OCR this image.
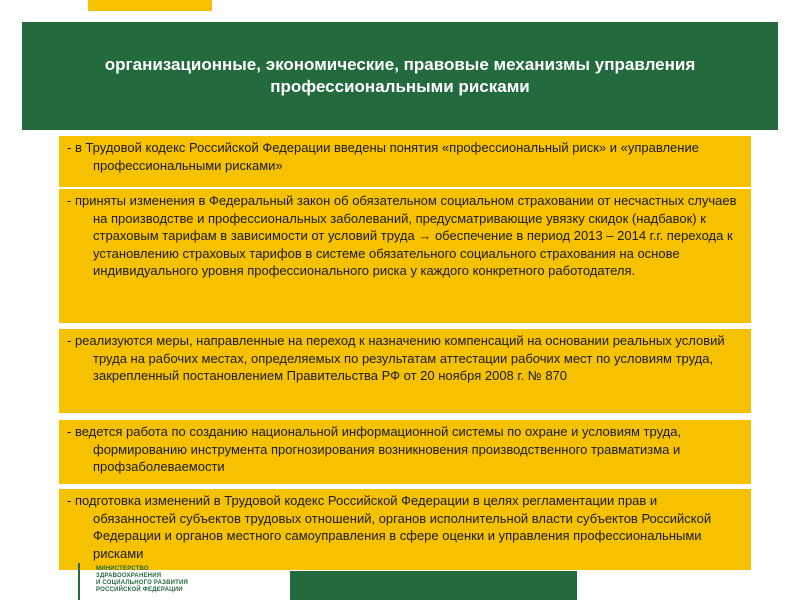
организационные, экономические, правовые механизмы управления профессиональными рисками

- в Трудовой кодекс Российской Федерации введены понятия «профессиональный риск» и «управление профессиональными рисками»

- приняты изменения в Федеральный закон об обязательном социальном страховании от несчастных случаев на производстве и профессиональных заболеваний, предусматривающие увязку скидок (надбавок) к страховым тарифам в зависимости от условий труда → обеспечение в период 2013 – 2014 г.г. перехода к установлению страховых тарифов в системе обязательного социального страхования на основе индивидуального уровня профессионального риска у каждого конкретного работодателя.

- реализуются меры, направленные на переход к назначению компенсаций на основании реальных условий труда на рабочих местах, определяемых по результатам аттестации рабочих мест по условиям труда, закрепленный постановлением Правительства РФ от 20 ноября 2008 г. № 870

- ведется работа по созданию национальной информационной системы по охране и условиям труда, формированию инструмента прогнозирования возникновения производственного травматизма и профзаболеваемости

- подготовка изменений в Трудовой кодекс Российской Федерации в целях регламентации прав и обязанностей субъектов трудовых отношений, органов исполнительной власти субъектов Российской Федерации и органов местного самоуправления в сфере оценки и управления профессиональными рисками

МИНИСТЕРСТВО
ЗДРАВООХРАНЕНИЯ
И СОЦИАЛЬНОГО РАЗВИТИЯ
РОССИЙСКОЙ ФЕДЕРАЦИИ
